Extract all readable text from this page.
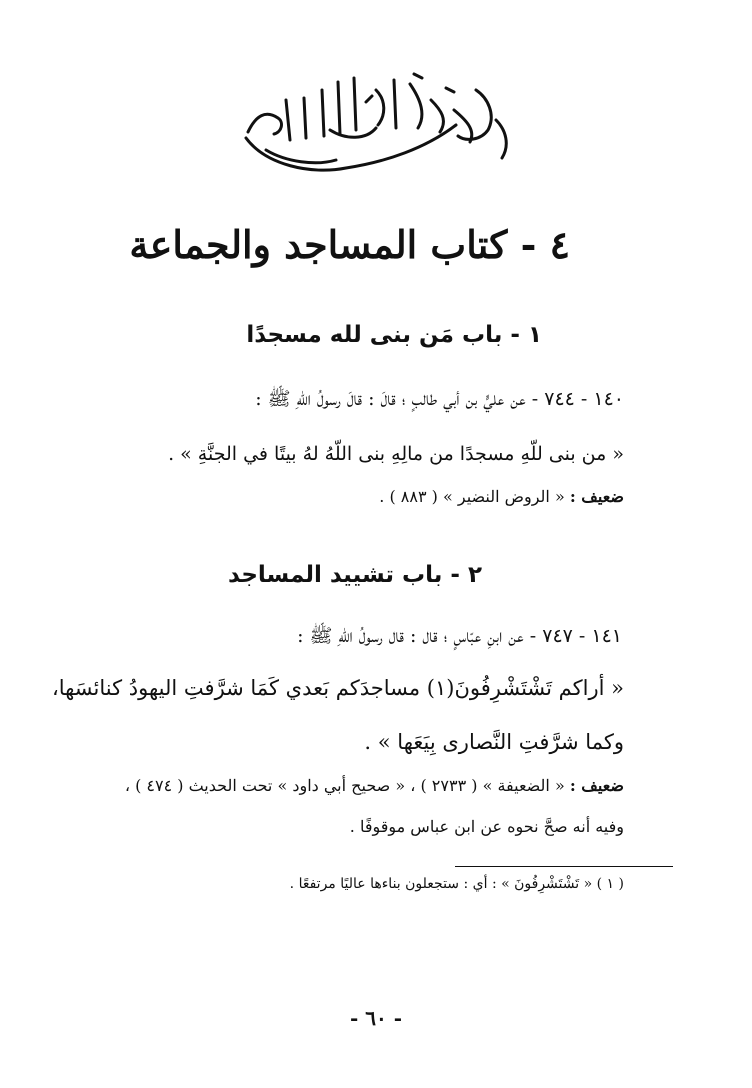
٤ - كتاب المساجد والجماعة
١ - باب مَن بنى لله مسجدًا
١٤٠ - ٧٤٤ - عن عليٍّ بن أبي طالبٍ ؛ قالَ : قالَ رسولُ اللّهِ ﷺ :
« من بنى للّهِ مسجدًا من مالِهِ بنى اللّهُ لهُ بيتًا في الجنَّةِ » .
ضعيف : « الروض النضير » ( ٨٨٣ ) .
٢ - باب تشييد المساجد
١٤١ - ٧٤٧ - عن ابنِ عبّاسٍ ؛ قال : قال رسولُ اللّهِ ﷺ :
« أراكم تَشْتَشْرِفُونَ(١) مساجدَكم بَعدي كَمَا شرَّفتِ اليهودُ كنائسَها،
وكما شرَّفتِ النَّصارى بِيَعَها » .
ضعيف : « الضعيفة » ( ٢٧٣٣ ) ، « صحيح أبي داود » تحت الحديث ( ٤٧٤ ) ،
وفيه أنه صحَّ نحوه عن ابن عباس موقوفًا .
( ١ ) « تَشْتَشْرِفُونَ » : أي : ستجعلون بناءها عاليًا مرتفعًا .
- ٦٠ -
